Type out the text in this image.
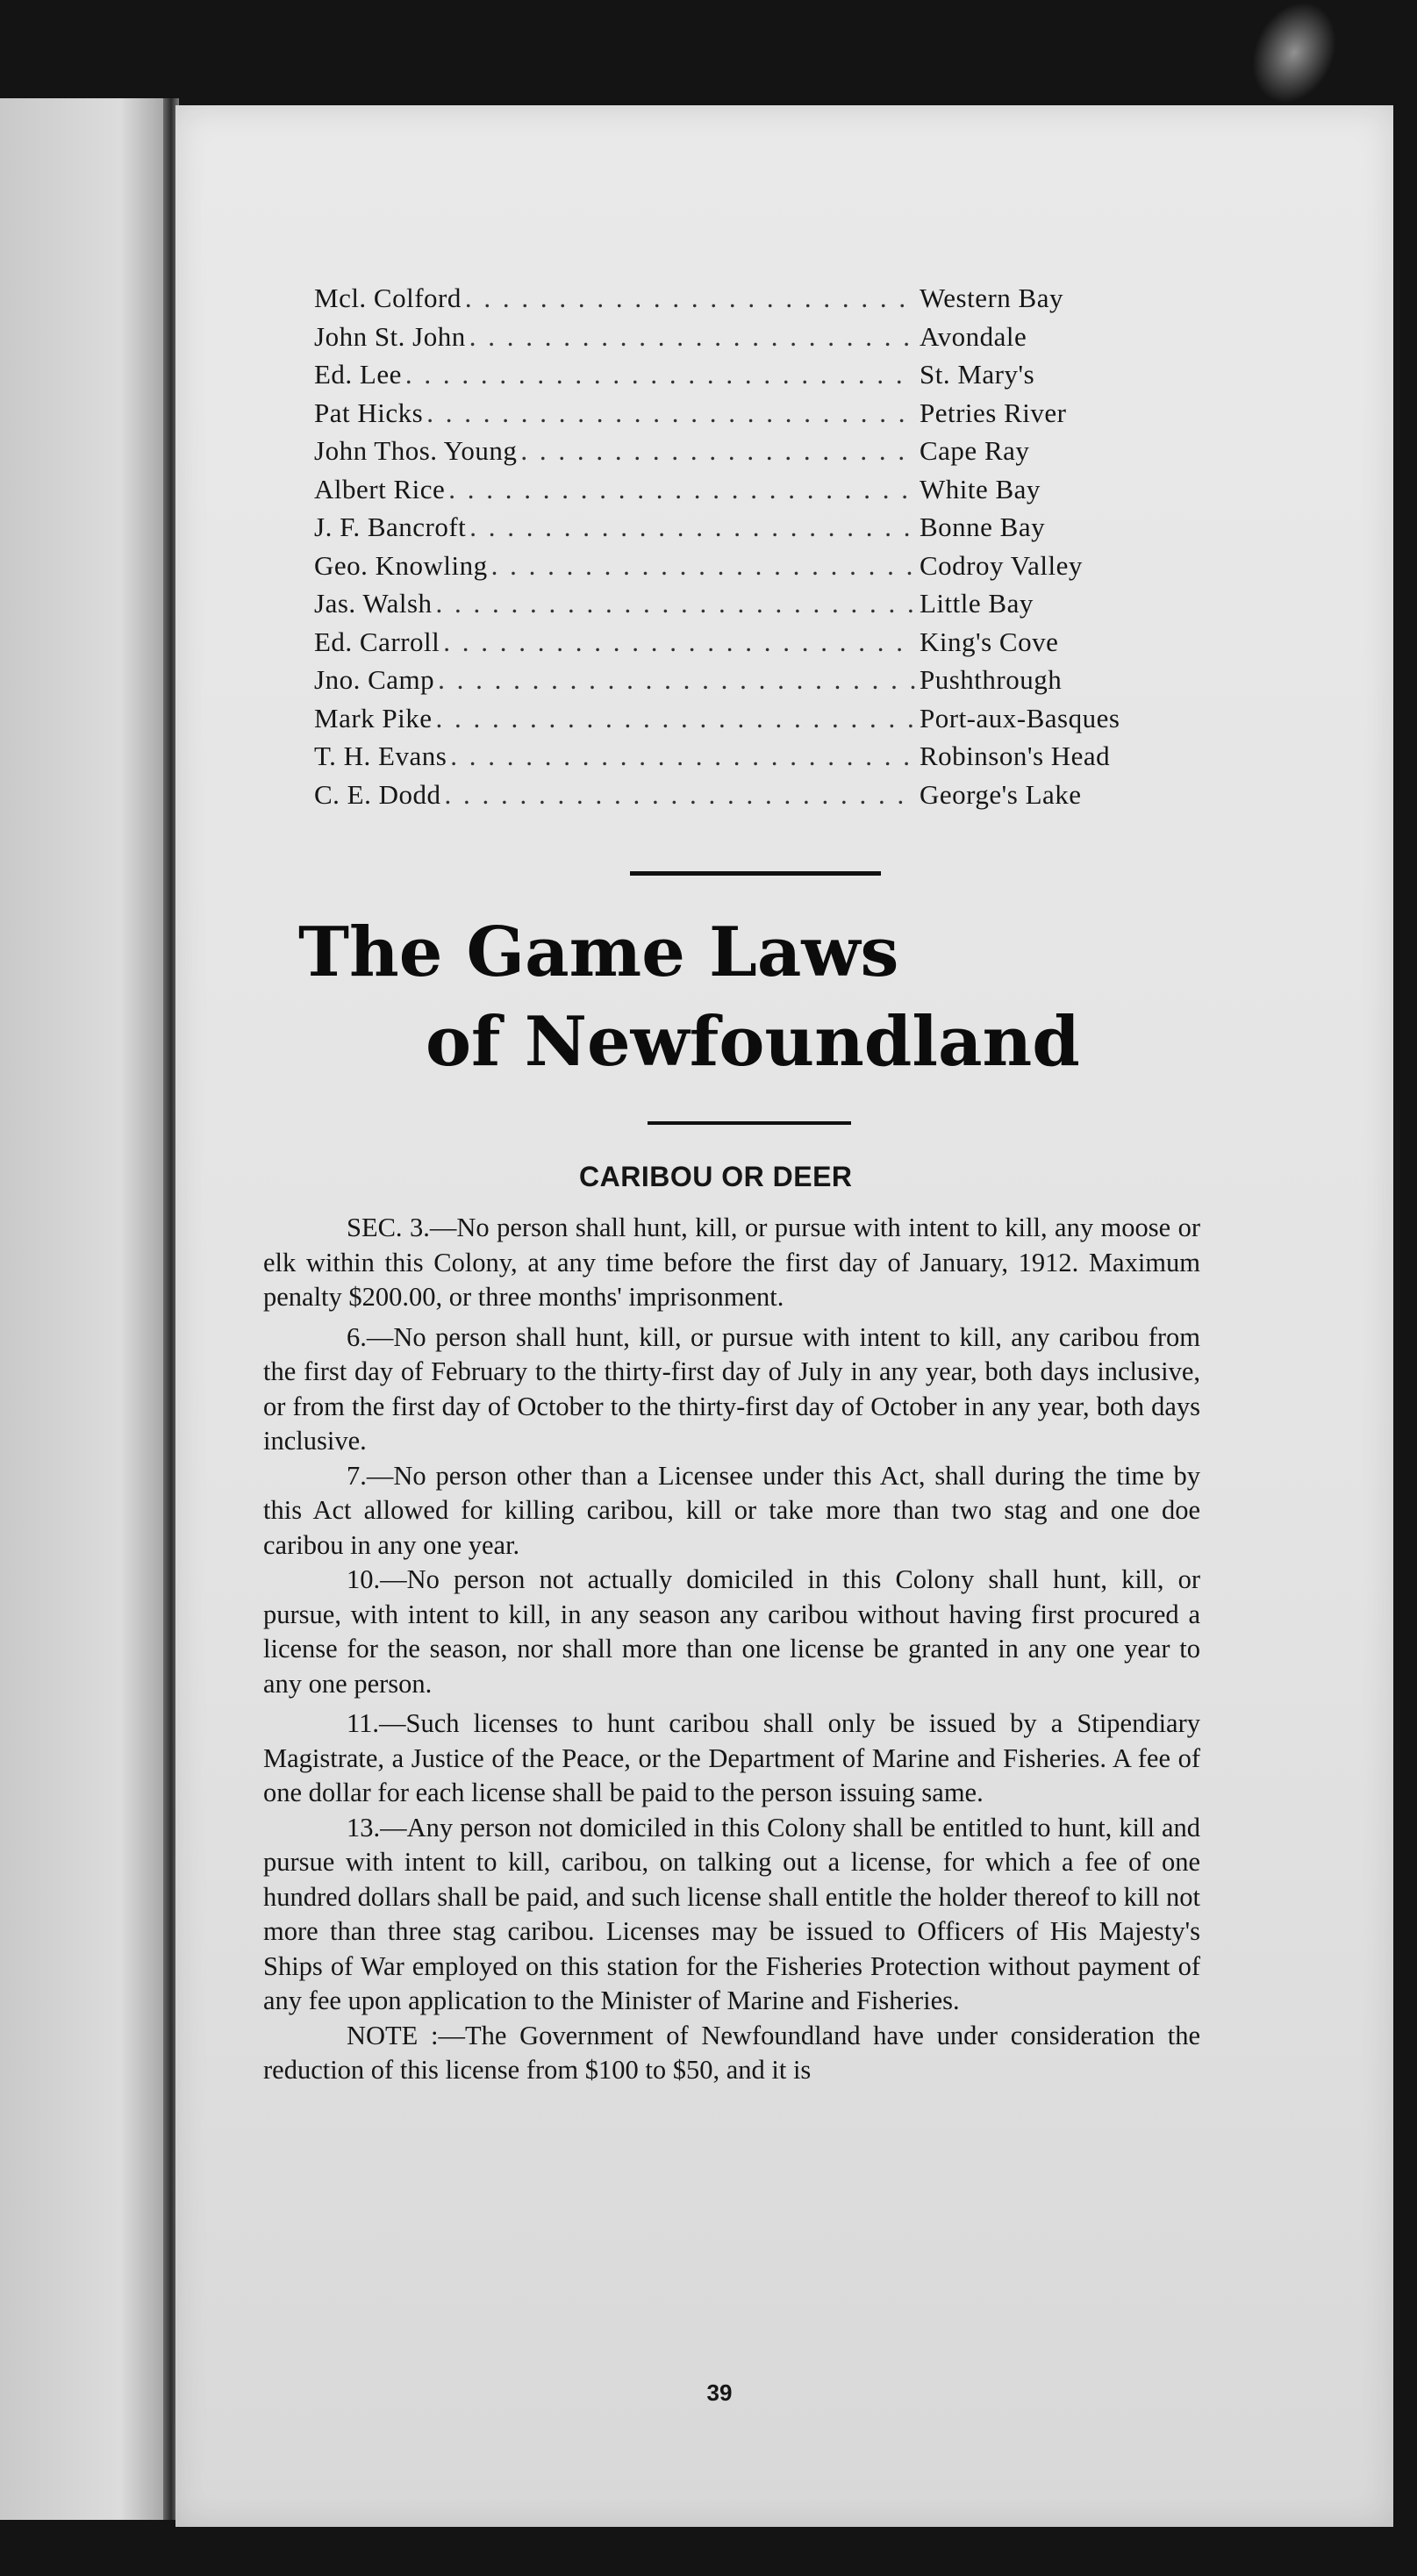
Mcl. Colford . . .	Western Bay
John St. John . . .	Avondale
Ed. Lee . . .	St. Mary's
Pat Hicks . . .	Petries River
John Thos. Young . . .	Cape Ray
Albert Rice . . .	White Bay
J. F. Bancroft . . .	Bonne Bay
Geo. Knowling . . .	Codroy Valley
Jas. Walsh . . .	Little Bay
Ed. Carroll . . .	King's Cove
Jno. Camp . . .	Pushthrough
Mark Pike . . .	Port-aux-Basques
T. H. Evans . . .	Robinson's Head
C. E. Dodd . . .	George's Lake
The Game Laws
of Newfoundland
CARIBOU OR DEER

SEC. 3.—No person shall hunt, kill, or pursue with intent to kill, any moose or elk within this Colony, at any time before the first day of January, 1912. Maximum penalty $200.00, or three months' imprisonment.

6.—No person shall hunt, kill, or pursue with intent to kill, any caribou from the first day of February to the thirty-first day of July in any year, both days inclusive, or from the first day of October to the thirty-first day of October in any year, both days inclusive.

7.—No person other than a Licensee under this Act, shall during the time by this Act allowed for killing caribou, kill or take more than two stag and one doe caribou in any one year.

10.—No person not actually domiciled in this Colony shall hunt, kill, or pursue, with intent to kill, in any season any caribou without having first procured a license for the season, nor shall more than one license be granted in any one year to any one person.

11.—Such licenses to hunt caribou shall only be issued by a Stipendiary Magistrate, a Justice of the Peace, or the Department of Marine and Fisheries. A fee of one dollar for each license shall be paid to the person issuing same.

13.—Any person not domiciled in this Colony shall be entitled to hunt, kill and pursue with intent to kill, caribou, on talking out a license, for which a fee of one hundred dollars shall be paid, and such license shall entitle the holder thereof to kill not more than three stag caribou. Licenses may be issued to Officers of His Majesty's Ships of War employed on this station for the Fisheries Protection without payment of any fee upon application to the Minister of Marine and Fisheries.

NOTE :—The Government of Newfoundland have under consideration the reduction of this license from $100 to $50, and it is

39
